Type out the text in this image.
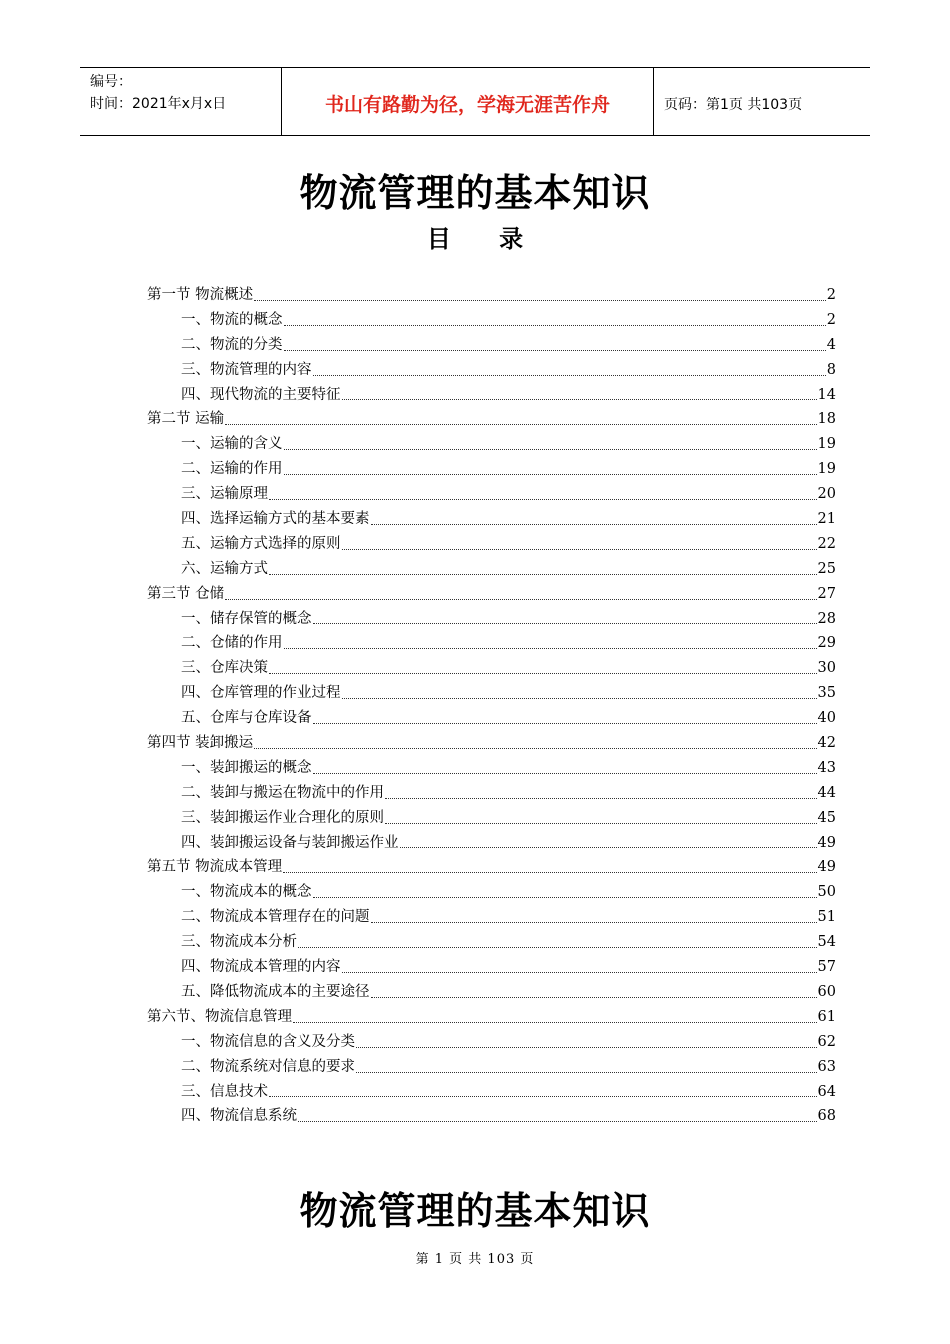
编号：
时间：2021年x月x日	书山有路勤为径，学海无涯苦作舟	页码：第1页 共103页
物流管理的基本知识
目 录
第一节 物流概述	2
一、物流的概念	2
二、物流的分类	4
三、物流管理的内容	8
四、现代物流的主要特征	14
第二节 运输	18
一、运输的含义	19
二、运输的作用	19
三、运输原理	20
四、选择运输方式的基本要素	21
五、运输方式选择的原则	22
六、运输方式	25
第三节 仓储	27
一、储存保管的概念	28
二、仓储的作用	29
三、仓库决策	30
四、仓库管理的作业过程	35
五、仓库与仓库设备	40
第四节 装卸搬运	42
一、装卸搬运的概念	43
二、装卸与搬运在物流中的作用	44
三、装卸搬运作业合理化的原则	45
四、装卸搬运设备与装卸搬运作业	49
第五节 物流成本管理	49
一、物流成本的概念	50
二、物流成本管理存在的问题	51
三、物流成本分析	54
四、物流成本管理的内容	57
五、降低物流成本的主要途径	60
第六节、物流信息管理	61
一、物流信息的含义及分类	62
二、物流系统对信息的要求	63
三、信息技术	64
四、物流信息系统	68
物流管理的基本知识
第 1 页 共 103 页
